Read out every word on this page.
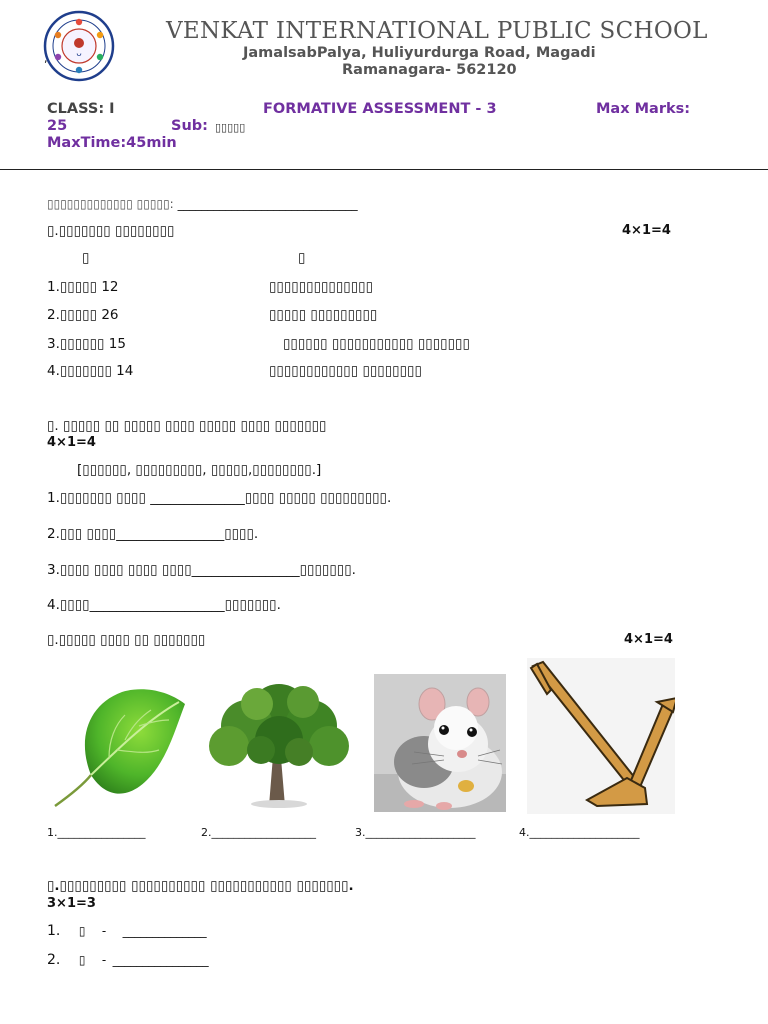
ᴗ
,
VENKAT INTERNATIONAL PUBLIC SCHOOL
JamalsabPalya, Huliyurdurga Road, Magadi
Ramanagara- 562120
CLASS: I	FORMATIVE ASSESSMENT - 3	Max Marks:
25	Sub: ▯▯▯▯▯
MaxTime:45min
▯▯▯▯▯▯▯▯▯▯▯▯▯ ▯▯▯▯▯: ______________________________
▯.▯▯▯▯▯▯▯ ▯▯▯▯▯▯▯▯	4×1=4
▯	▯
1.▯▯▯▯▯ 12	▯▯▯▯▯▯▯▯▯▯▯▯▯▯
2.▯▯▯▯▯ 26	▯▯▯▯▯ ▯▯▯▯▯▯▯▯▯
3.▯▯▯▯▯▯ 15	▯▯▯▯▯▯ ▯▯▯▯▯▯▯▯▯▯▯ ▯▯▯▯▯▯▯
4.▯▯▯▯▯▯▯ 14	▯▯▯▯▯▯▯▯▯▯▯▯ ▯▯▯▯▯▯▯▯
▯. ▯▯▯▯▯ ▯▯ ▯▯▯▯▯ ▯▯▯▯ ▯▯▯▯▯ ▯▯▯▯ ▯▯▯▯▯▯▯
4×1=4
[▯▯▯▯▯▯, ▯▯▯▯▯▯▯▯▯, ▯▯▯▯▯,▯▯▯▯▯▯▯▯.]
1.▯▯▯▯▯▯▯ ▯▯▯▯ ______________▯▯▯▯ ▯▯▯▯▯ ▯▯▯▯▯▯▯▯▯.
2.▯▯▯ ▯▯▯▯________________▯▯▯▯.
3.▯▯▯▯ ▯▯▯▯ ▯▯▯▯ ▯▯▯▯________________▯▯▯▯▯▯▯.
4.▯▯▯▯____________________▯▯▯▯▯▯▯.
▯.▯▯▯▯▯ ▯▯▯▯ ▯▯ ▯▯▯▯▯▯▯	4×1=4
1.________________	2.___________________	3.____________________	4.____________________
▯.▯▯▯▯▯▯▯▯▯ ▯▯▯▯▯▯▯▯▯▯ ▯▯▯▯▯▯▯▯▯▯▯ ▯▯▯▯▯▯▯.
3×1=3
1. ▯ - ______________
2. ▯ - ________________
